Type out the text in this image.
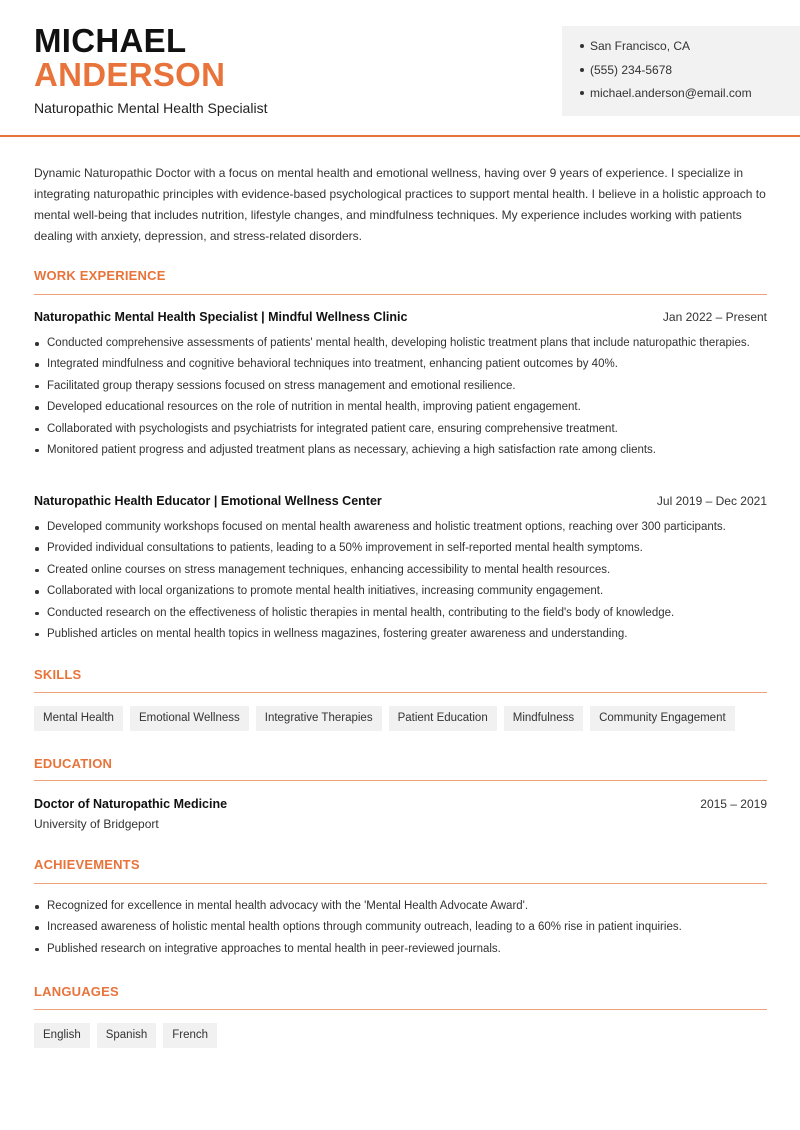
MICHAEL
ANDERSON
Naturopathic Mental Health Specialist
San Francisco, CA
(555) 234-5678
michael.anderson@email.com
Dynamic Naturopathic Doctor with a focus on mental health and emotional wellness, having over 9 years of experience. I specialize in integrating naturopathic principles with evidence-based psychological practices to support mental health. I believe in a holistic approach to mental well-being that includes nutrition, lifestyle changes, and mindfulness techniques. My experience includes working with patients dealing with anxiety, depression, and stress-related disorders.
WORK EXPERIENCE
Naturopathic Mental Health Specialist | Mindful Wellness Clinic	Jan 2022 – Present
Conducted comprehensive assessments of patients' mental health, developing holistic treatment plans that include naturopathic therapies.
Integrated mindfulness and cognitive behavioral techniques into treatment, enhancing patient outcomes by 40%.
Facilitated group therapy sessions focused on stress management and emotional resilience.
Developed educational resources on the role of nutrition in mental health, improving patient engagement.
Collaborated with psychologists and psychiatrists for integrated patient care, ensuring comprehensive treatment.
Monitored patient progress and adjusted treatment plans as necessary, achieving a high satisfaction rate among clients.
Naturopathic Health Educator | Emotional Wellness Center	Jul 2019 – Dec 2021
Developed community workshops focused on mental health awareness and holistic treatment options, reaching over 300 participants.
Provided individual consultations to patients, leading to a 50% improvement in self-reported mental health symptoms.
Created online courses on stress management techniques, enhancing accessibility to mental health resources.
Collaborated with local organizations to promote mental health initiatives, increasing community engagement.
Conducted research on the effectiveness of holistic therapies in mental health, contributing to the field's body of knowledge.
Published articles on mental health topics in wellness magazines, fostering greater awareness and understanding.
SKILLS
Mental Health	Emotional Wellness	Integrative Therapies	Patient Education	Mindfulness	Community Engagement
EDUCATION
Doctor of Naturopathic Medicine	2015 – 2019
University of Bridgeport
ACHIEVEMENTS
Recognized for excellence in mental health advocacy with the 'Mental Health Advocate Award'.
Increased awareness of holistic mental health options through community outreach, leading to a 60% rise in patient inquiries.
Published research on integrative approaches to mental health in peer-reviewed journals.
LANGUAGES
English	Spanish	French
